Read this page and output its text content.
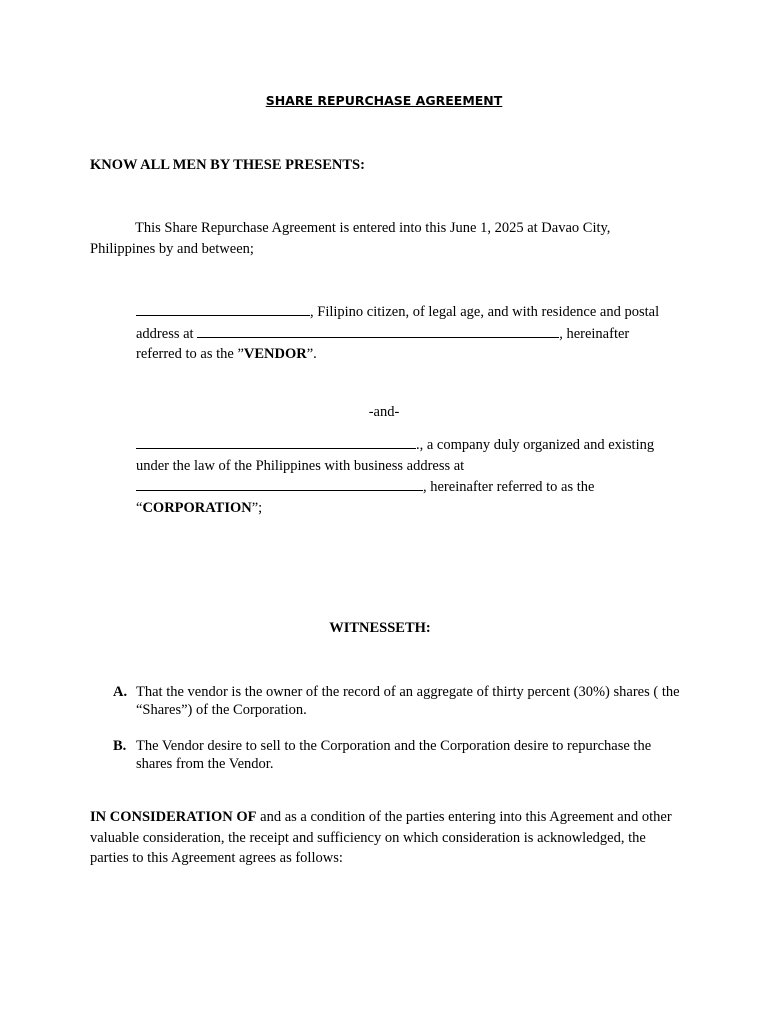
SHARE REPURCHASE AGREEMENT
KNOW ALL MEN BY THESE PRESENTS:
This Share Repurchase Agreement is entered into this June 1, 2025 at Davao City, Philippines by and between;
, Filipino citizen, of legal age, and with residence and postal
address at	, hereinafter
referred to as the ”VENDOR”.
-and-
., a company duly organized and existing
under the law of the Philippines with business address at
, hereinafter referred to as the
“CORPORATION”;
WITNESSETH:
A. That the vendor is the owner of the record of an aggregate of thirty percent (30%) shares ( the “Shares”) of the Corporation.
B. The Vendor desire to sell to the Corporation and the Corporation desire to repurchase the shares from the Vendor.
IN CONSIDERATION OF and as a condition of the parties entering into this Agreement and other valuable consideration, the receipt and sufficiency on which consideration is acknowledged, the parties to this Agreement agrees as follows:
